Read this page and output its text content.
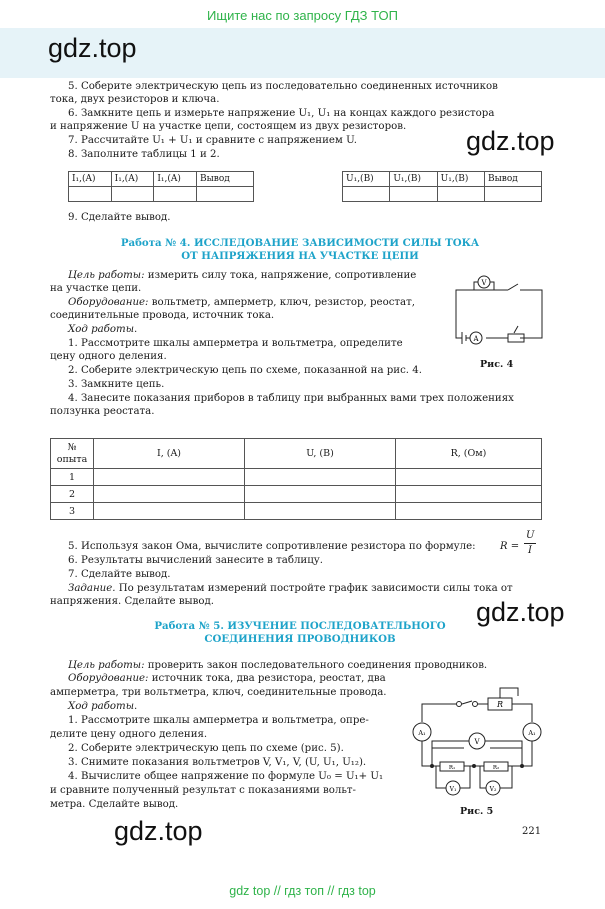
Ищите нас по запросу ГДЗ ТОП
gdz.top
5. Соберите электрическую цепь из последовательно соединенных источников
тока, двух резисторов и ключа.
6. Замкните цепь и измерьте напряжение U₁, U₁ на концах каждого резистора
и напряжение U на участке цепи, состоящем из двух резисторов.
7. Рассчитайте U₁ + U₁ и сравните с напряжением U.
8. Заполните таблицы 1 и 2.	gdz.top
I₁,(A)	I₁,(A)	I₁,(A)	Вывод
				U₁,(B)	U₁,(B)	U₁,(B)	Вывод

9. Сделайте вывод.
Работа № 4. ИССЛЕДОВАНИЕ ЗАВИСИМОСТИ СИЛЫ ТОКА
ОТ НАПРЯЖЕНИЯ НА УЧАСТКЕ ЦЕПИ
Цель работы: измерить силу тока, напряжение, сопротивление
на участке цепи.
Оборудование: вольтметр, амперметр, ключ, резистор, реостат,
соединительные провода, источник тока.
Ход работы.
1. Рассмотрите шкалы амперметра и вольтметра, определите
цену одного деления.
2. Соберите электрическую цепь по схеме, показанной на рис. 4.
3. Замкните цепь.
4. Занесите показания приборов в таблицу при выбранных вами трех положениях
ползунка реостата.
V
A
Рис. 4
№
опыта	I, (A)	U, (B)	R, (Ом)
1			
2			
3			
5. Используя закон Ома, вычислите сопротивление резистора по формуле: R =
U
I
6. Результаты вычислений занесите в таблицу.
7. Сделайте вывод.
Задание. По результатам измерений постройте график зависимости силы тока от
напряжения. Сделайте вывод.	gdz.top
Работа № 5. ИЗУЧЕНИЕ ПОСЛЕДОВАТЕЛЬНОГО
СОЕДИНЕНИЯ ПРОВОДНИКОВ
Цель работы: проверить закон последовательного соединения проводников.
Оборудование: источник тока, два резистора, реостат, два
амперметра, три вольтметра, ключ, соединительные провода.
Ход работы.
1. Рассмотрите шкалы амперметра и вольтметра, опре-
делите цену одного деления.
2. Соберите электрическую цепь по схеме (рис. 5).
3. Снимите показания вольтметров V, V₁, V, (U, U₁, U₁₂).
4. Вычислите общее напряжение по формуле U₀ = U₁+ U₁
и сравните полученный результат с показаниями вольт-
метра. Сделайте вывод.
R
V
A₁	A₁
R₁	R₂
V₁	V₂
Рис. 5
gdz.top	221
gdz top // гдз топ // гдз top
